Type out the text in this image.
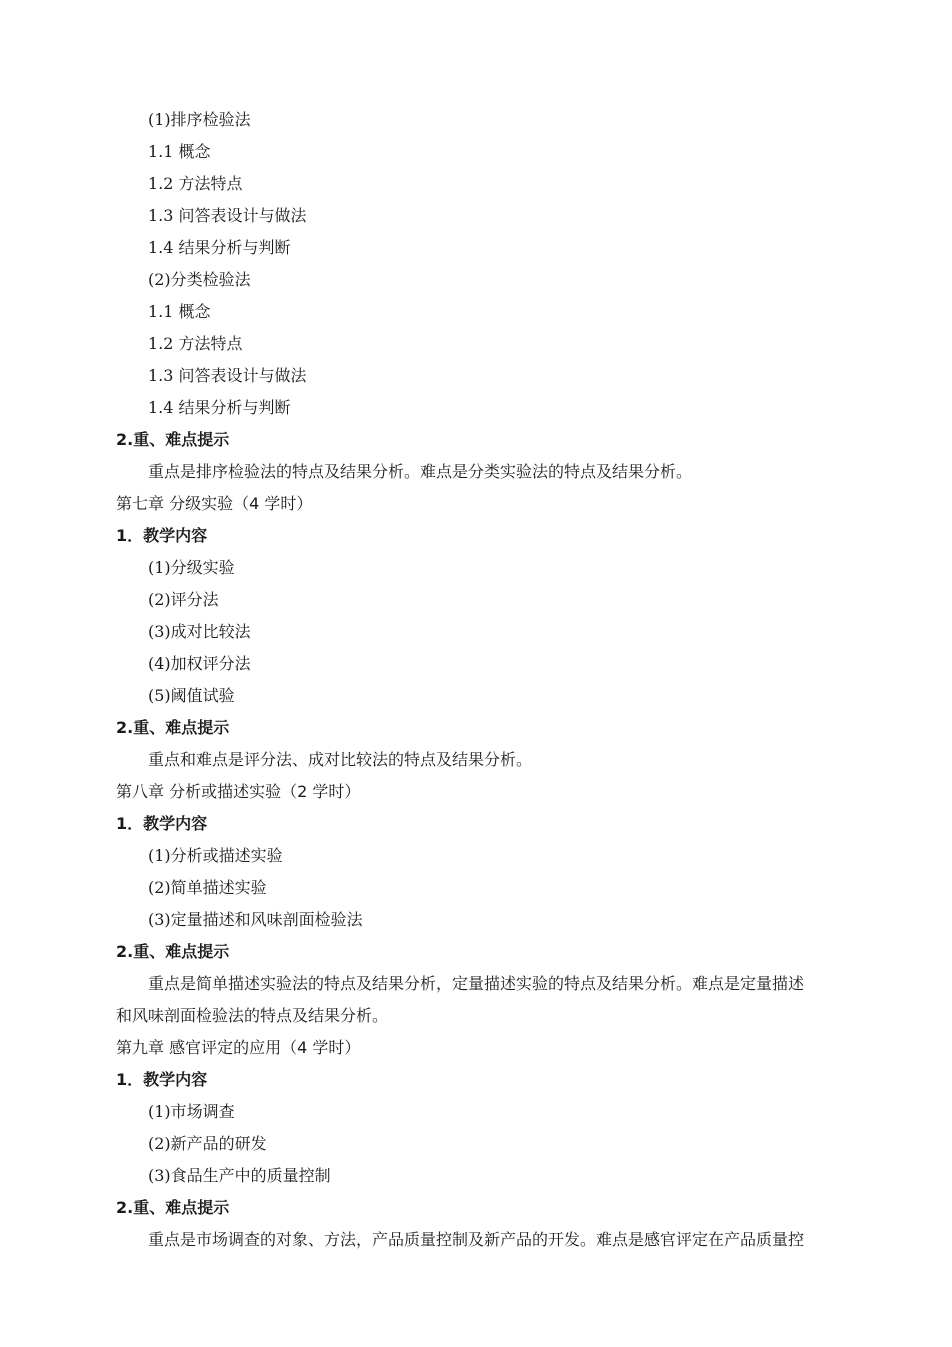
(1)排序检验法
1.1 概念
1.2 方法特点
1.3 问答表设计与做法
1.4 结果分析与判断
(2)分类检验法
1.1 概念
1.2 方法特点
1.3 问答表设计与做法
1.4 结果分析与判断
2.重、难点提示
重点是排序检验法的特点及结果分析。难点是分类实验法的特点及结果分析。
第七章 分级实验（4 学时）
1．教学内容
(1)分级实验
(2)评分法
(3)成对比较法
(4)加权评分法
(5)阈值试验
2.重、难点提示
重点和难点是评分法、成对比较法的特点及结果分析。
第八章 分析或描述实验（2 学时）
1．教学内容
(1)分析或描述实验
(2)简单描述实验
(3)定量描述和风味剖面检验法
2.重、难点提示
重点是简单描述实验法的特点及结果分析，定量描述实验的特点及结果分析。难点是定量描述
和风味剖面检验法的特点及结果分析。
第九章 感官评定的应用（4 学时）
1．教学内容
(1)市场调查
(2)新产品的研发
(3)食品生产中的质量控制
2.重、难点提示
重点是市场调查的对象、方法，产品质量控制及新产品的开发。难点是感官评定在产品质量控
